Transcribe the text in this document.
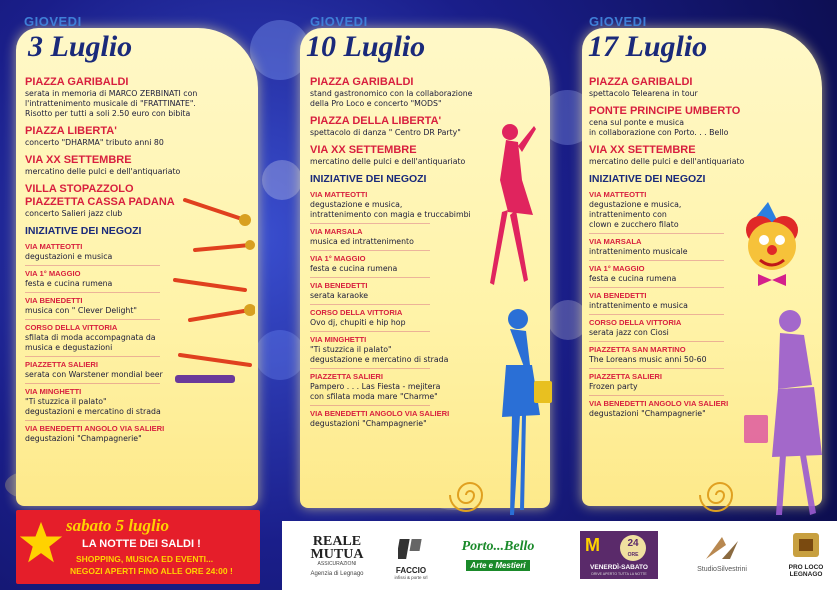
GIOVEDI
3 Luglio
PIAZZA GARIBALDI
serata in memoria di MARCO ZERBINATI con
l'intrattenimento musicale di "FRATTINATE".
Risotto per tutti a soli 2.50 euro con bibita
PIAZZA LIBERTA'
concerto "DHARMA" tributo anni 80
VIA XX SETTEMBRE
mercatino delle pulci e dell'antiquariato
VILLA STOPAZZOLO
PIAZZETTA CASSA PADANA
concerto Salieri jazz club
INIZIATIVE DEI NEGOZI
VIA MATTEOTTI
degustazioni e musica
VIA 1° MAGGIO
festa e cucina rumena
VIA BENEDETTI
musica con " Clever Delight"
CORSO DELLA VITTORIA
sfilata di moda accompagnata da
musica e degustazioni
PIAZZETTA SALIERI
serata con Warstener mondial beer
VIA MINGHETTI
"Ti stuzzica il palato"
degustazioni e mercatino di strada
VIA BENEDETTI ANGOLO VIA SALIERI
degustazioni "Champagnerie"
GIOVEDI
10 Luglio
PIAZZA GARIBALDI
stand gastronomico con la collaborazione
della Pro Loco e concerto "MODS"
PIAZZA DELLA LIBERTA'
spettacolo di danza " Centro DR Party"
VIA XX SETTEMBRE
mercatino delle pulci e dell'antiquariato
INIZIATIVE DEI NEGOZI
VIA MATTEOTTI
degustazione e musica,
intrattenimento con magia e truccabimbi
VIA MARSALA
musica ed intrattenimento
VIA 1° MAGGIO
festa e cucina rumena
VIA BENEDETTI
serata karaoke
CORSO DELLA VITTORIA
Ovo dj, chupiti e hip hop
VIA MINGHETTI
"Ti stuzzica il palato"
degustazione e mercatino di strada
PIAZZETTA SALIERI
Pampero . . . Las Fiesta - mejitera
con sfilata moda mare "Charme"
VIA BENEDETTI ANGOLO VIA SALIERI
degustazioni "Champagnerie"
GIOVEDI
17 Luglio
PIAZZA GARIBALDI
spettacolo Telearena in tour
PONTE PRINCIPE UMBERTO
cena sul ponte e musica
in collaborazione con Porto. . . Bello
VIA XX SETTEMBRE
mercatino delle pulci e dell'antiquariato
INIZIATIVE DEI NEGOZI
VIA MATTEOTTI
degustazione e musica,
intrattenimento con
clown e zucchero filato
VIA MARSALA
intrattenimento musicale
VIA 1° MAGGIO
festa e cucina rumena
VIA BENEDETTI
intrattenimento e musica
CORSO DELLA VITTORIA
serata jazz con Ciosi
PIAZZETTA SAN MARTINO
The Loreans music anni 50-60
PIAZZETTA SALIERI
Frozen party
VIA BENEDETTI ANGOLO VIA SALIERI
degustazioni "Champagnerie"
sabato 5 luglio
LA NOTTE DEI SALDI !
SHOPPING, MUSICA ED EVENTI...
NEGOZI APERTI FINO ALLE ORE 24:00 !
REALE
MUTUA
ASSICURAZIONI
Agenzia di Legnago	FACCIO
infissi & porte srl
Porto...Bello
Arte e Mestieri
M	24
ORE
VENERDÌ-SABATO
DRIVE APERTO TUTTA LA NOTTE
StudioSilvestrini	PRO LOCO
LEGNAGO
